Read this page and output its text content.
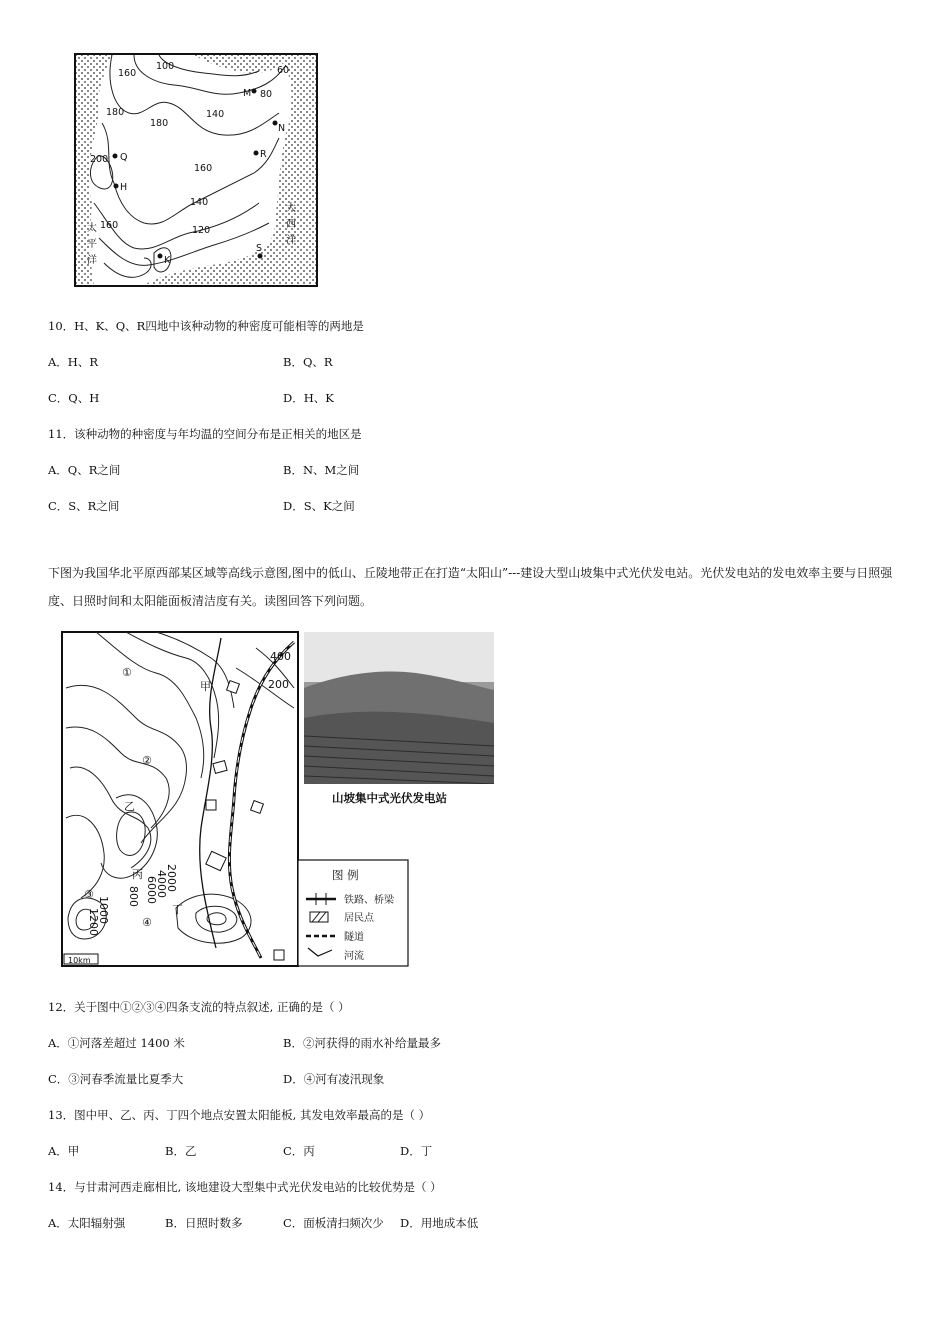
160
100	60
180	140
80
180
200
160
140
160	120
M
N
Q	R
H
K
S
太
平
洋
大
西
洋
10．H、K、Q、R四地中该种动物的种密度可能相等的两地是
A．H、R	B．Q、R
C．Q、H	D．H、K
11．该种动物的种密度与年均温的空间分布是正相关的地区是
A．Q、R之间	B．N、M之间
C．S、R之间	D．S、K之间
下图为我国华北平原西部某区域等高线示意图,图中的低山、丘陵地带正在打造“太阳山”---建设大型山坡集中式光伏发电站。光伏发电站的发电效率主要与日照强度、日照时间和太阳能面板清洁度有关。读图回答下列问题。
400
200
2000
4000
6000
800
1000
1200
甲
乙
丙
丁
①
②
③
④
10km
山坡集中式光伏发电站
图 例
铁路、桥梁
居民点
隧道
河流
12．关于图中①②③④四条支流的特点叙述, 正确的是（ ）
A．①河落差超过 1400 米	B．②河获得的雨水补给量最多
C．③河春季流量比夏季大	D．④河有凌汛现象
13．图中甲、乙、丙、丁四个地点安置太阳能板, 其发电效率最高的是（ ）
A．甲	B．乙	C．丙	D．丁
14．与甘肃河西走廊相比, 该地建设大型集中式光伏发电站的比较优势是（ ）
A．太阳辐射强	B．日照时数多	C．面板清扫频次少 D．用地成本低
